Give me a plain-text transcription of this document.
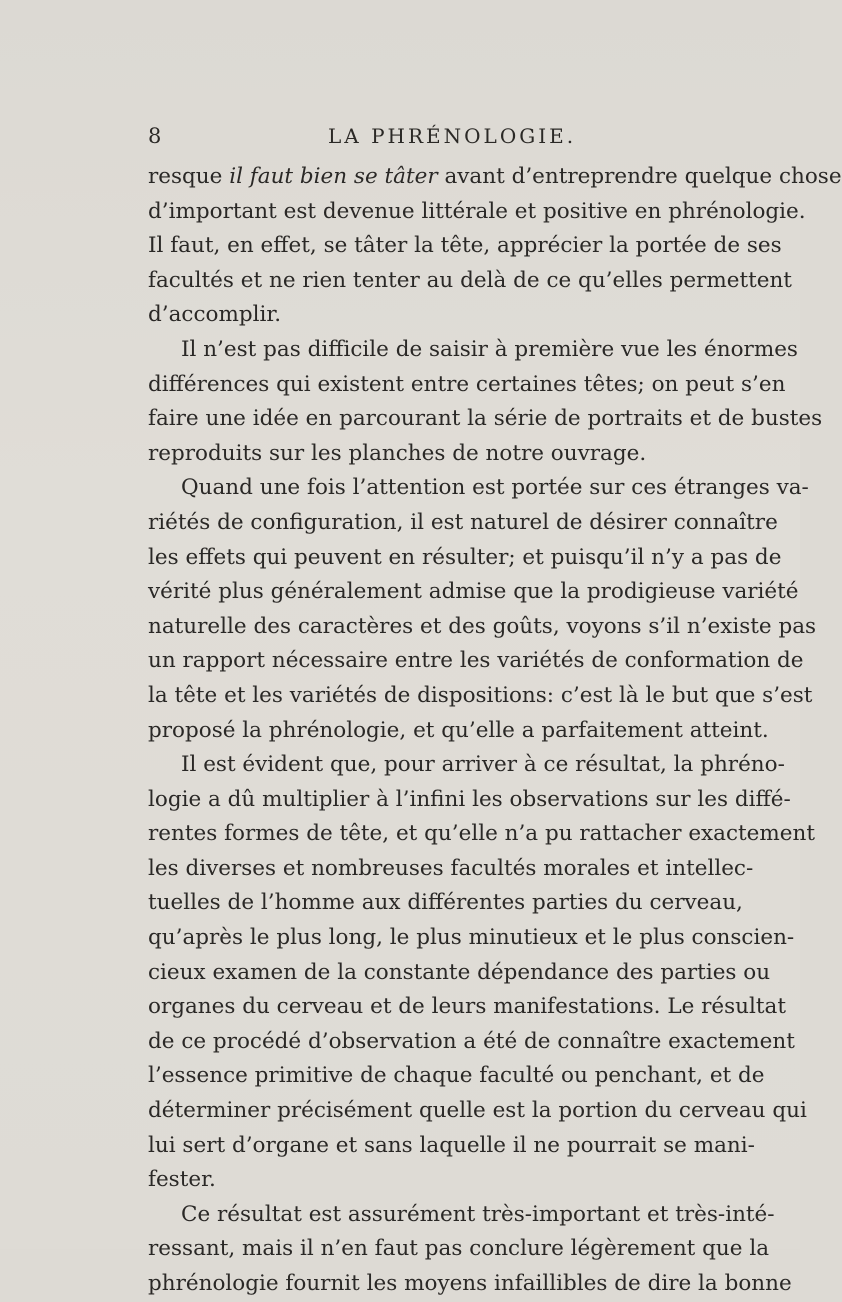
8	LA PHRÉNOLOGIE.
resque il faut bien se tâter avant d’entreprendre quelque chose
d’important est devenue littérale et positive en phrénologie.
Il faut, en effet, se tâter la tête, apprécier la portée de ses
facultés et ne rien tenter au delà de ce qu’elles permettent
d’accomplir.
Il n’est pas difficile de saisir à première vue les énormes
différences qui existent entre certaines têtes; on peut s’en
faire une idée en parcourant la série de portraits et de bustes
reproduits sur les planches de notre ouvrage.
Quand une fois l’attention est portée sur ces étranges va-
riétés de configuration, il est naturel de désirer connaître
les effets qui peuvent en résulter; et puisqu’il n’y a pas de
vérité plus généralement admise que la prodigieuse variété
naturelle des caractères et des goûts, voyons s’il n’existe pas
un rapport nécessaire entre les variétés de conformation de
la tête et les variétés de dispositions: c’est là le but que s’est
proposé la phrénologie, et qu’elle a parfaitement atteint.
Il est évident que, pour arriver à ce résultat, la phréno-
logie a dû multiplier à l’infini les observations sur les diffé-
rentes formes de tête, et qu’elle n’a pu rattacher exactement
les diverses et nombreuses facultés morales et intellec-
tuelles de l’homme aux différentes parties du cerveau,
qu’après le plus long, le plus minutieux et le plus conscien-
cieux examen de la constante dépendance des parties ou
organes du cerveau et de leurs manifestations. Le résultat
de ce procédé d’observation a été de connaître exactement
l’essence primitive de chaque faculté ou penchant, et de
déterminer précisément quelle est la portion du cerveau qui
lui sert d’organe et sans laquelle il ne pourrait se mani-
fester.
Ce résultat est assurément très-important et très-inté-
ressant, mais il n’en faut pas conclure légèrement que la
phrénologie fournit les moyens infaillibles de dire la bonne
